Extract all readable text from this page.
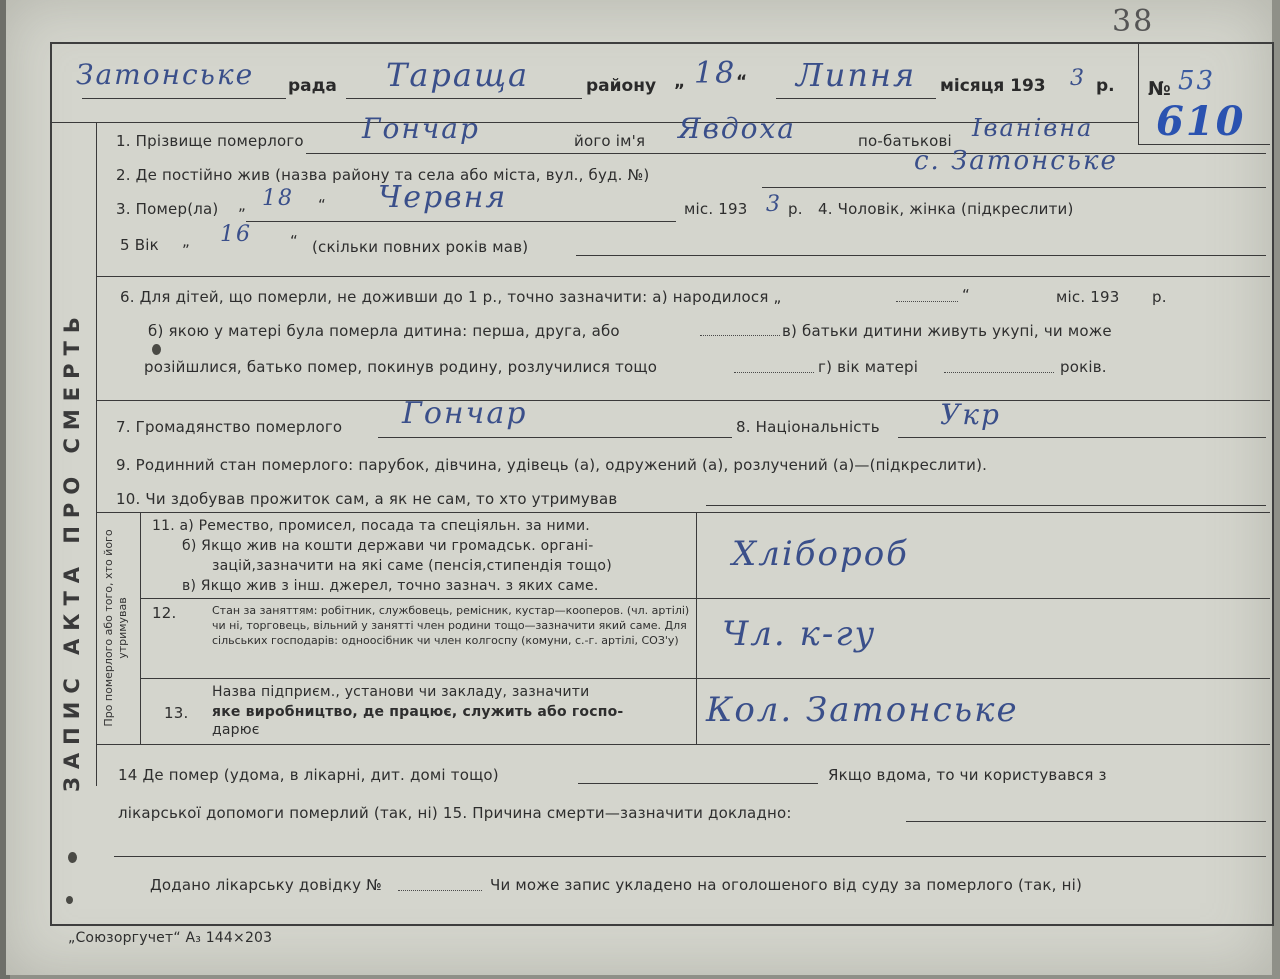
38
Затонське рада Тараща	району „ 18 “ Липня місяця 193 3 р. № 53
610
ЗАПИС АКТА ПРО СМЕРТЬ
1. Прізвище померлого Гончар	його ім'я Явдоха	по-батькові Іванівна
2. Де постійно жив (назва району та села або міста, вул., буд. №)	с. Затонське
3. Помер(ла) „ 18 “ Червня	міс. 193 3 р. 4. Чоловік, жінка (підкреслити)
5 Вік „ 16	“ (скільки повних років мав)
6. Для дітей, що померли, не доживши до 1 р., точно зазначити: а) народилося „	“	міс. 193 р.
б) якою у матері була померла дитина: перша, друга, або	в) батьки дитини живуть укупі, чи може
розійшлися, батько помер, покинув родину, розлучилися тощо	г) вік матері	років.
7. Громадянство померлого Гончар	8. Національність Укр
9. Родинний стан померлого: парубок, дівчина, удівець (а), одружений (а), розлучений (а)—(підкреслити).
10. Чи здобував прожиток сам, а як не сам, то хто утримував
Про померлого або того, хто його утримував
11. а) Ремество, промисел, посада та спеціяльн. за ними.
б) Якщо жив на кошти держави чи громадськ. органі-
зацій,зазначити на які саме (пенсія,стипендія тощо)
в) Якщо жив з інш. джерел, точно зазнач. з яких саме.
Хлібороб
12.	Стан за заняттям: робітник, службовець, ремісник, кустар—кооперов. (чл. артілі) чи ні, торговець, вільний у занятті член родини тощо—зазначити який саме. Для сільських господарів: одноосібник чи член колгоспу (комуни, с.-г. артілі, СОЗ'у)	Чл. к-гу
13.
Назва підприєм., установи чи закладу, зазначити
яке виробництво, де працює, служить або госпо-
дарює	Кол. Затонське
14 Де помер (удома, в лікарні, дит. домі тощо)	Якщо вдома, то чи користувався з
лікарської допомоги померлий (так, ні) 15. Причина смерти—зазначити докладно:
Додано лікарську довідку №	Чи може запис укладено на оголошеного від суду за померлого (так, ні)
„Союзоргучет“ А₃ 144×203
